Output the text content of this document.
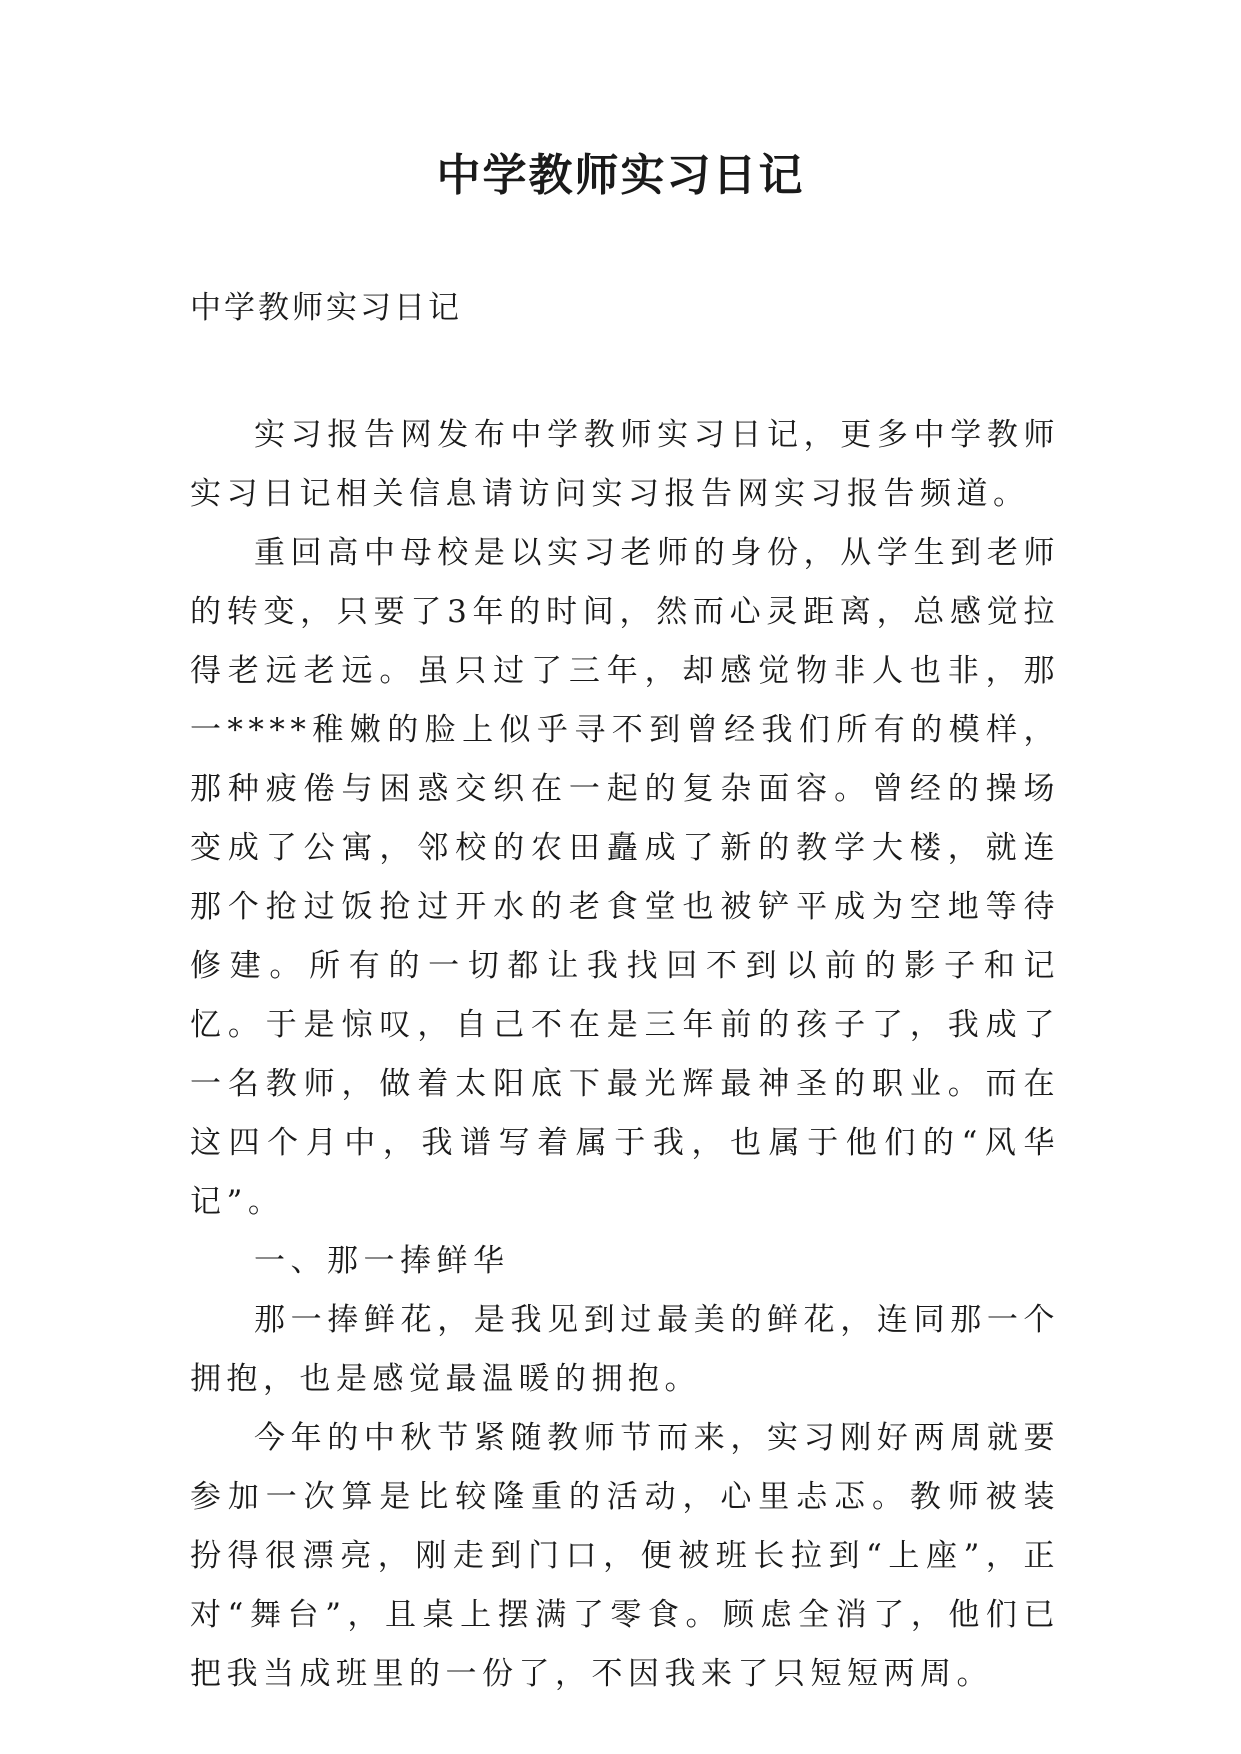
中学教师实习日记

中学教师实习日记

实习报告网发布中学教师实习日记，更多中学教师实习日记相关信息请访问实习报告网实习报告频道。

重回高中母校是以实习老师的身份，从学生到老师的转变，只要了3年的时间，然而心灵距离，总感觉拉得老远老远。虽只过了三年，却感觉物非人也非，那一****稚嫩的脸上似乎寻不到曾经我们所有的模样，那种疲倦与困惑交织在一起的复杂面容。曾经的操场变成了公寓，邻校的农田矗成了新的教学大楼，就连那个抢过饭抢过开水的老食堂也被铲平成为空地等待修建。所有的一切都让我找回不到以前的影子和记忆。于是惊叹，自己不在是三年前的孩子了，我成了一名教师，做着太阳底下最光辉最神圣的职业。而在这四个月中，我谱写着属于我，也属于他们的“风华记”。

一、那一捧鲜华

那一捧鲜花，是我见到过最美的鲜花，连同那一个拥抱，也是感觉最温暖的拥抱。

今年的中秋节紧随教师节而来，实习刚好两周就要参加一次算是比较隆重的活动，心里忐忑。教师被装扮得很漂亮，刚走到门口，便被班长拉到“上座”，正对“舞台”，且桌上摆满了零食。顾虑全消了，他们已把我当成班里的一份了，不因我来了只短短两周。
